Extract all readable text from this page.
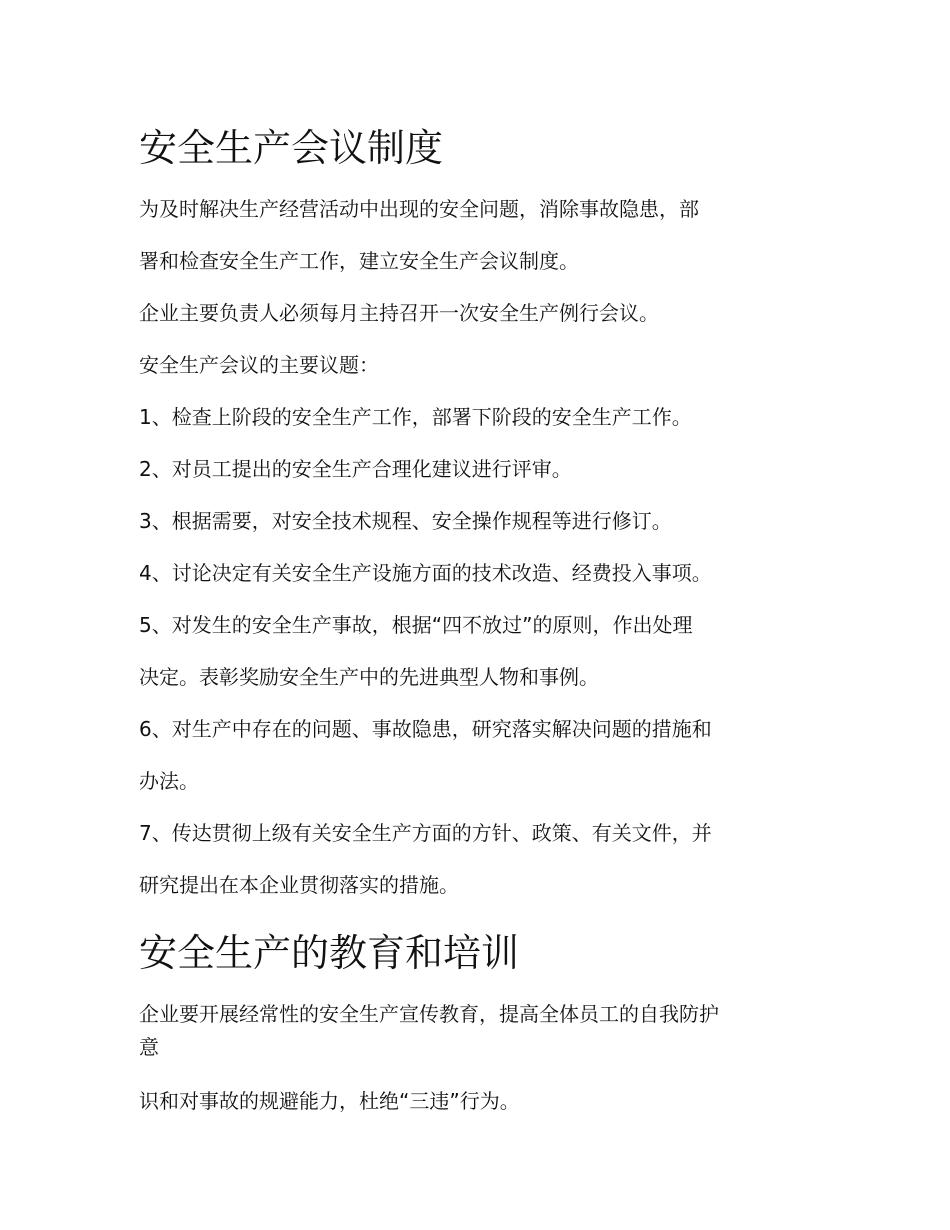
安全生产会议制度

为及时解决生产经营活动中出现的安全问题，消除事故隐患，部

署和检查安全生产工作，建立安全生产会议制度。

企业主要负责人必须每月主持召开一次安全生产例行会议。

安全生产会议的主要议题：

1、检查上阶段的安全生产工作，部署下阶段的安全生产工作。

2、对员工提出的安全生产合理化建议进行评审。

3、根据需要，对安全技术规程、安全操作规程等进行修订。

4、讨论决定有关安全生产设施方面的技术改造、经费投入事项。

5、对发生的安全生产事故，根据“四不放过”的原则，作出处理

决定。表彰奖励安全生产中的先进典型人物和事例。

6、对生产中存在的问题、事故隐患，研究落实解决问题的措施和

办法。

7、传达贯彻上级有关安全生产方面的方针、政策、有关文件，并

研究提出在本企业贯彻落实的措施。

安全生产的教育和培训

企业要开展经常性的安全生产宣传教育，提高全体员工的自我防护

意

识和对事故的规避能力，杜绝“三违”行为。
